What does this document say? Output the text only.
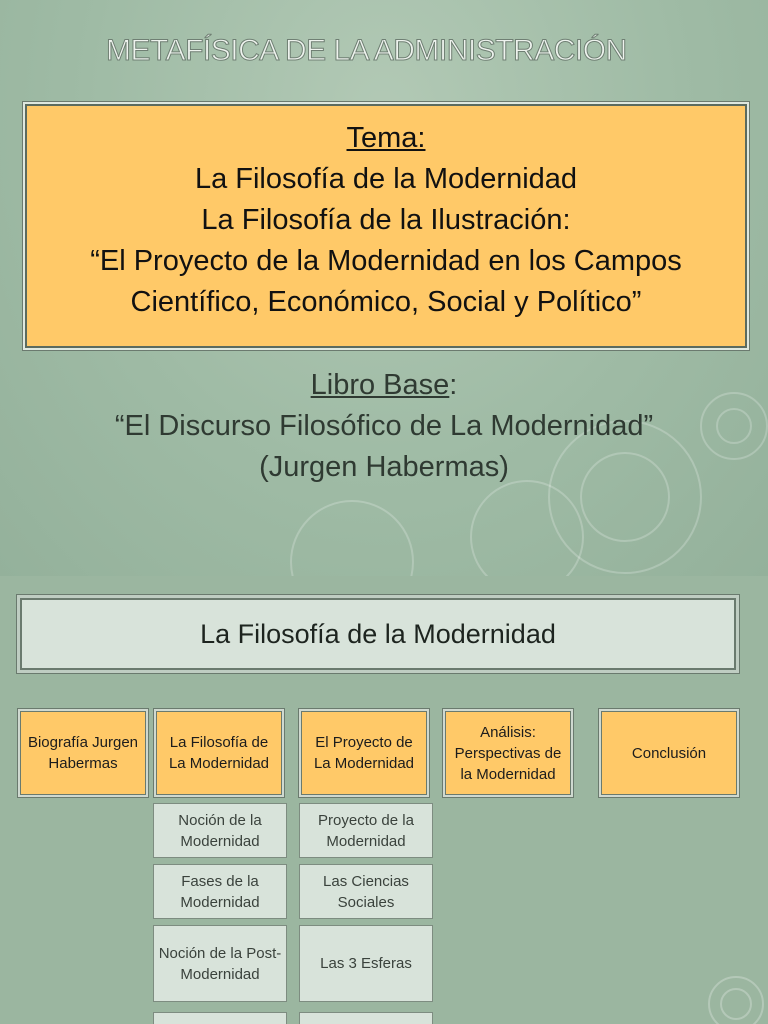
METAFÍSICA DE LA ADMINISTRACIÓN
Tema:
La Filosofía de la Modernidad
La Filosofía de la Ilustración:
“El Proyecto de la Modernidad en los Campos
Científico, Económico, Social y Político”
Libro Base:
“El Discurso Filosófico de La Modernidad”
(Jurgen Habermas)
La Filosofía de la Modernidad
Biografía Jurgen Habermas
La Filosofía de La Modernidad
El Proyecto de La Modernidad
Análisis: Perspectivas de la Modernidad
Conclusión
Noción de la Modernidad
Fases de la Modernidad
Noción de la Post-Modernidad
Proyecto de la Modernidad
Las Ciencias Sociales
Las 3 Esferas
